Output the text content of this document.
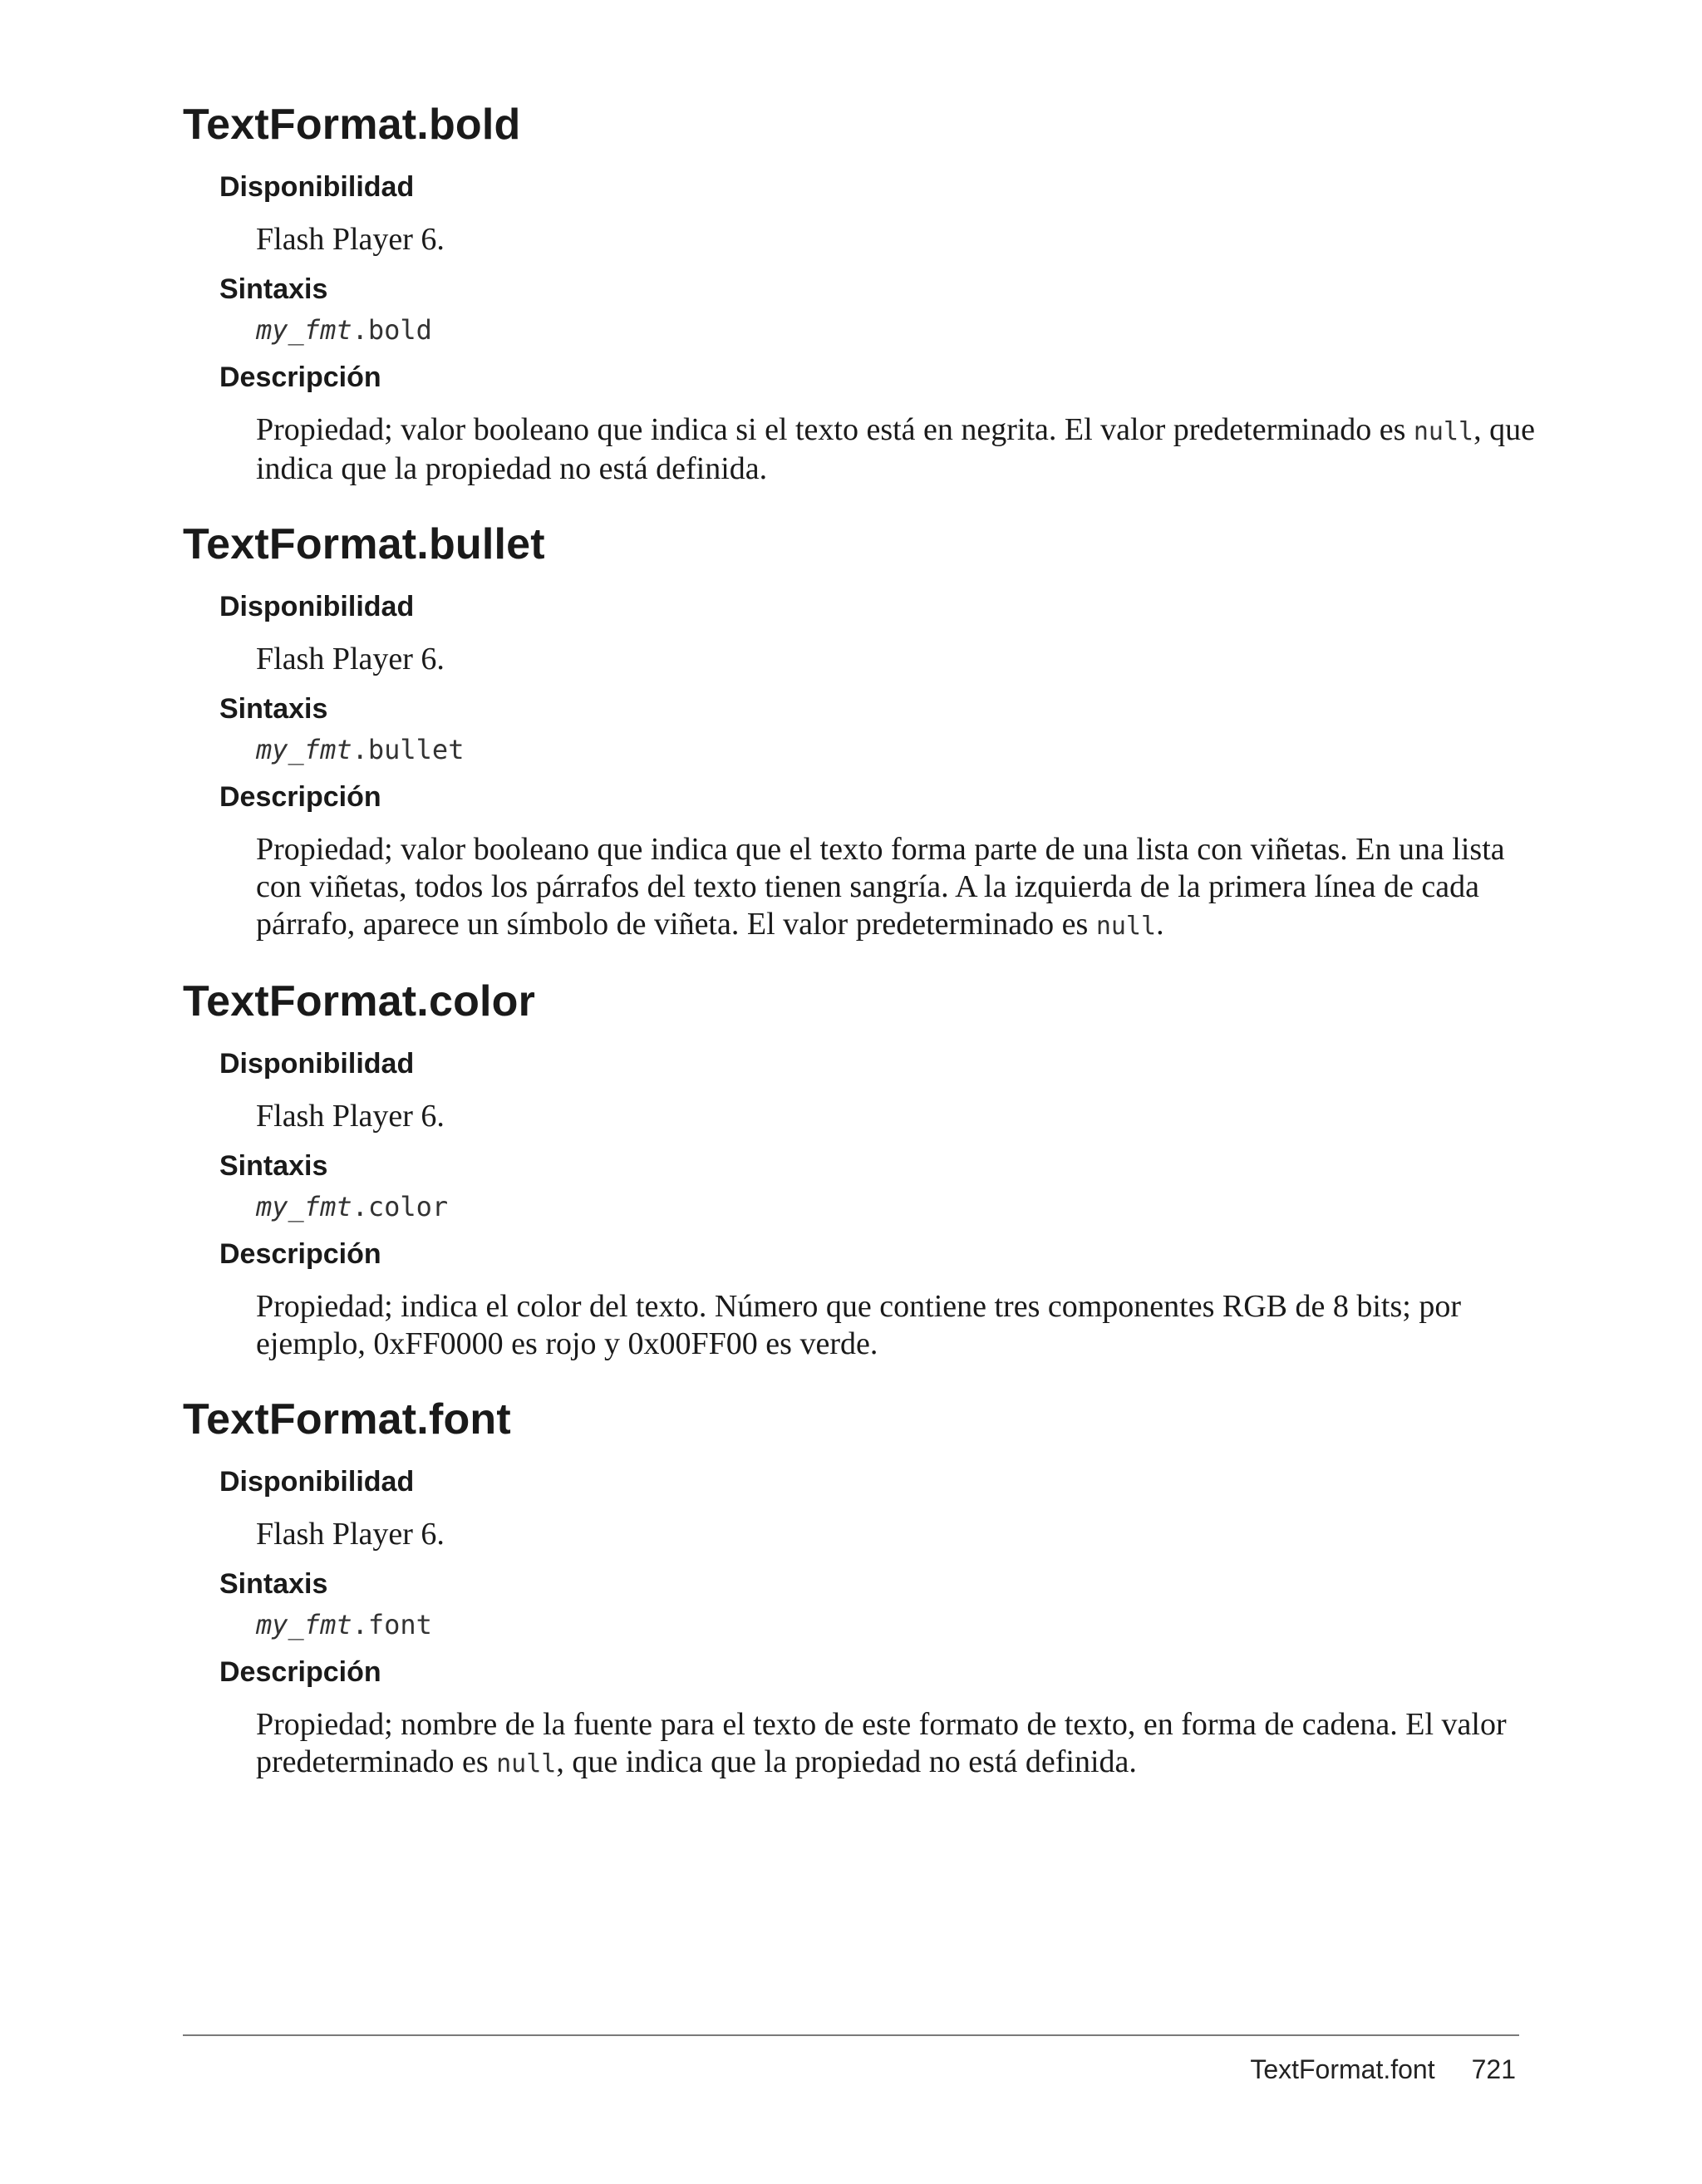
TextFormat.bold
Disponibilidad
Flash Player 6.
Sintaxis
my_fmt.bold
Descripción
Propiedad; valor booleano que indica si el texto está en negrita. El valor predeterminado es null, que indica que la propiedad no está definida.
TextFormat.bullet
Disponibilidad
Flash Player 6.
Sintaxis
my_fmt.bullet
Descripción
Propiedad; valor booleano que indica que el texto forma parte de una lista con viñetas. En una lista con viñetas, todos los párrafos del texto tienen sangría. A la izquierda de la primera línea de cada párrafo, aparece un símbolo de viñeta. El valor predeterminado es null.
TextFormat.color
Disponibilidad
Flash Player 6.
Sintaxis
my_fmt.color
Descripción
Propiedad; indica el color del texto. Número que contiene tres componentes RGB de 8 bits; por ejemplo, 0xFF0000 es rojo y 0x00FF00 es verde.
TextFormat.font
Disponibilidad
Flash Player 6.
Sintaxis
my_fmt.font
Descripción
Propiedad; nombre de la fuente para el texto de este formato de texto, en forma de cadena. El valor predeterminado es null, que indica que la propiedad no está definida.
TextFormat.font 721
